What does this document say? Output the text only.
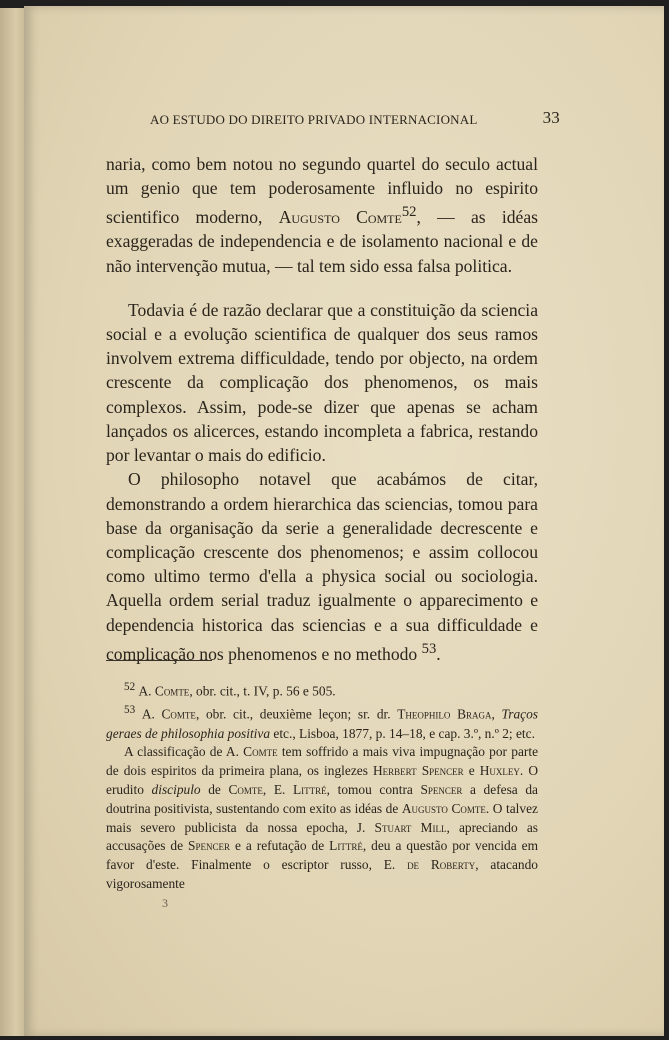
AO ESTUDO DO DIREITO PRIVADO INTERNACIONAL	33

naria, como bem notou no segundo quartel do seculo actual um genio que tem poderosamente influido no espirito scientifico moderno, Augusto Comte$^{52}$, — as idéas exaggeradas de independencia e de isolamento nacional e de não intervenção mutua, — tal tem sido essa falsa politica.

Todavia é de razão declarar que a constituição da sciencia social e a evolução scientifica de qualquer dos seus ramos involvem extrema difficuldade, tendo por objecto, na ordem crescente da complicação dos phenomenos, os mais complexos. Assim, pode-se dizer que apenas se acham lançados os alicerces, estando incompleta a fabrica, restando por levantar o mais do edificio.

O philosopho notavel que acabámos de citar, demonstrando a ordem hierarchica das sciencias, tomou para base da organisação da serie a generalidade decrescente e complicação crescente dos phenomenos; e assim collocou como ultimo termo d'ella a physica social ou sociologia. Aquella ordem serial traduz igualmente o apparecimento e dependencia historica das sciencias e a sua difficuldade e complicação nos phenomenos e no methodo $^{53}$.

$^{52}$ A. Comte, obr. cit., t. IV, p. 56 e 505.

$^{53}$ A. Comte, obr. cit., deuxième leçon; sr. dr. Theophilo Braga, Traços geraes de philosophia positiva etc., Lisboa, 1877, p. 14–18, e cap. 3.º, n.º 2; etc.

A classificação de A. Comte tem soffrido a mais viva impugnação por parte de dois espiritos da primeira plana, os inglezes Herbert Spencer e Huxley. O erudito discipulo de Comte, E. Littré, tomou contra Spencer a defesa da doutrina positivista, sustentando com exito as idéas de Augusto Comte. O talvez mais severo publicista da nossa epocha, J. Stuart Mill, apreciando as accusações de Spencer e a refutação de Littré, deu a questão por vencida em favor d'este. Finalmente o escriptor russo, E. de Roberty, atacando vigorosamente

3
